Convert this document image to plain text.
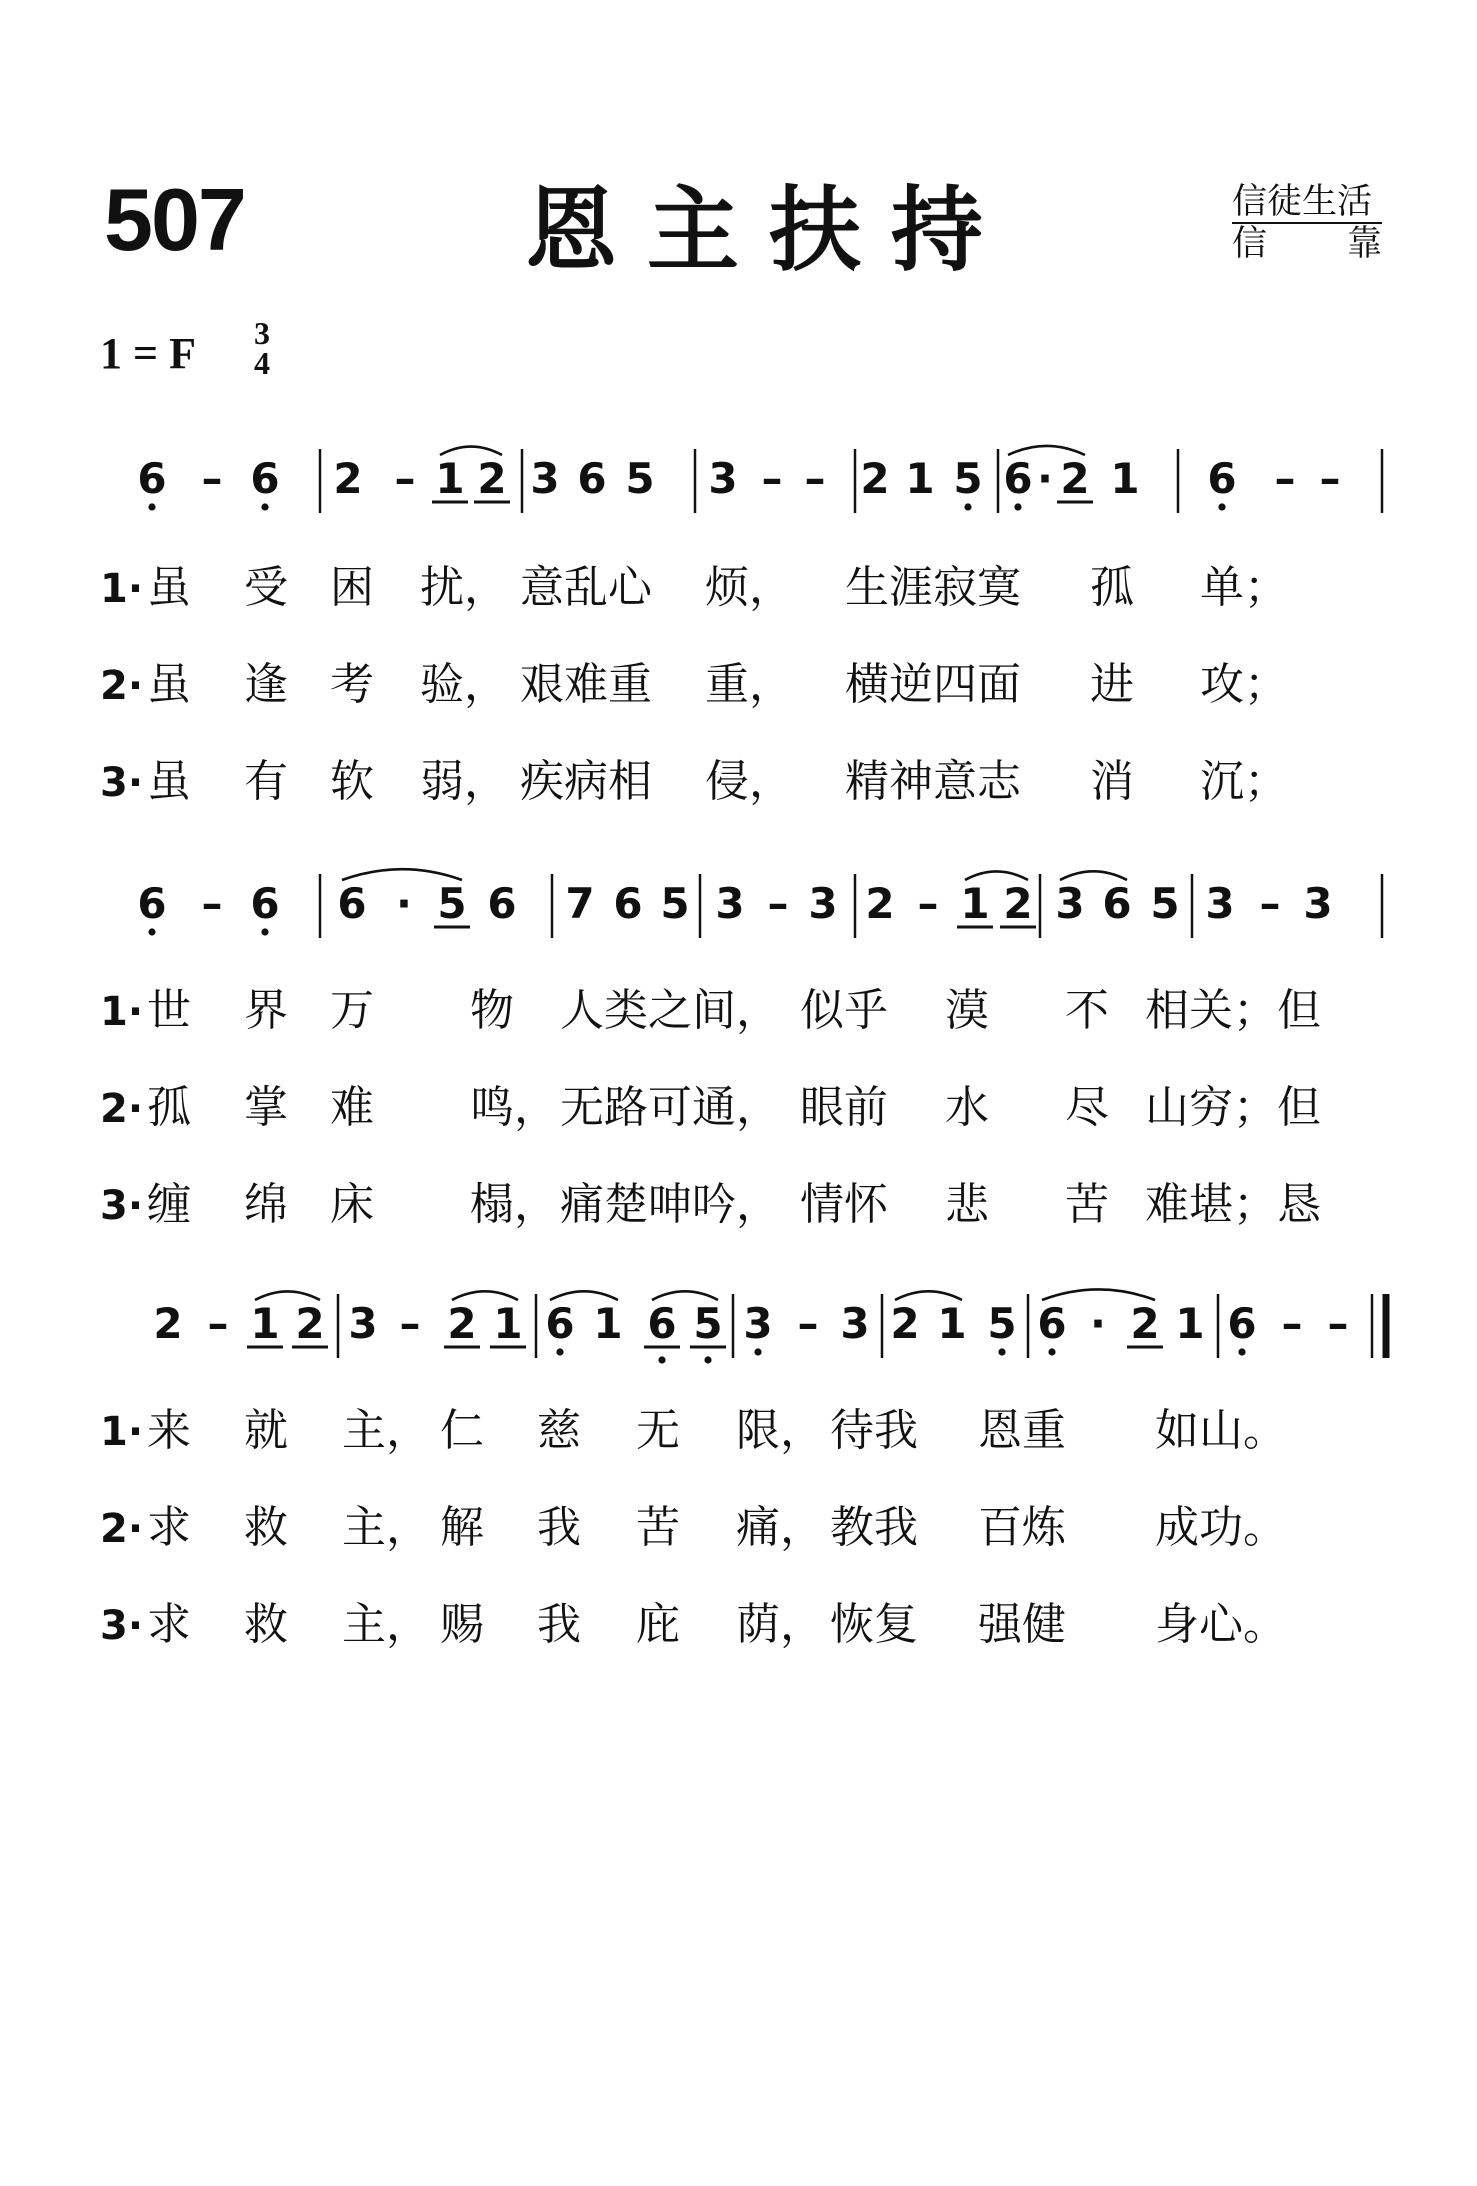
507	恩主扶持	信徒生活
信 靠
1 = F 3
4
6 – 6 2 – 1 2 3 6 5 3 – – 2 1 5 6 · 2 1 6 – –
1· 虽 受 困 扰， 意乱心 烦， 生涯寂寞 孤 单；
2· 虽 逢 考 验， 艰难重 重， 横逆四面 进 攻；
3· 虽 有 软 弱， 疾病相 侵， 精神意志 消 沉；
6 – 6 6 · 5 6 7 6 5 3 – 3 2 – 1 2 3 6 5 3 – 3
1· 世 界 万 物 人类之间， 似乎 漠 不 相关；但
2· 孤 掌 难 鸣， 无路可通， 眼前 水 尽 山穷；但
3· 缠 绵 床 榻， 痛楚呻吟， 情怀 悲 苦 难堪；恳
2 – 1 2 3 – 2 1 6 1 6 5 3 – 3 2 1 5 6 · 2 1 6 – –
1· 来 就 主， 仁 慈 无 限， 待我 恩重 如山。
2· 求 救 主， 解 我 苦 痛， 教我 百炼 成功。
3· 求 救 主， 赐 我 庇 荫， 恢复 强健 身心。
